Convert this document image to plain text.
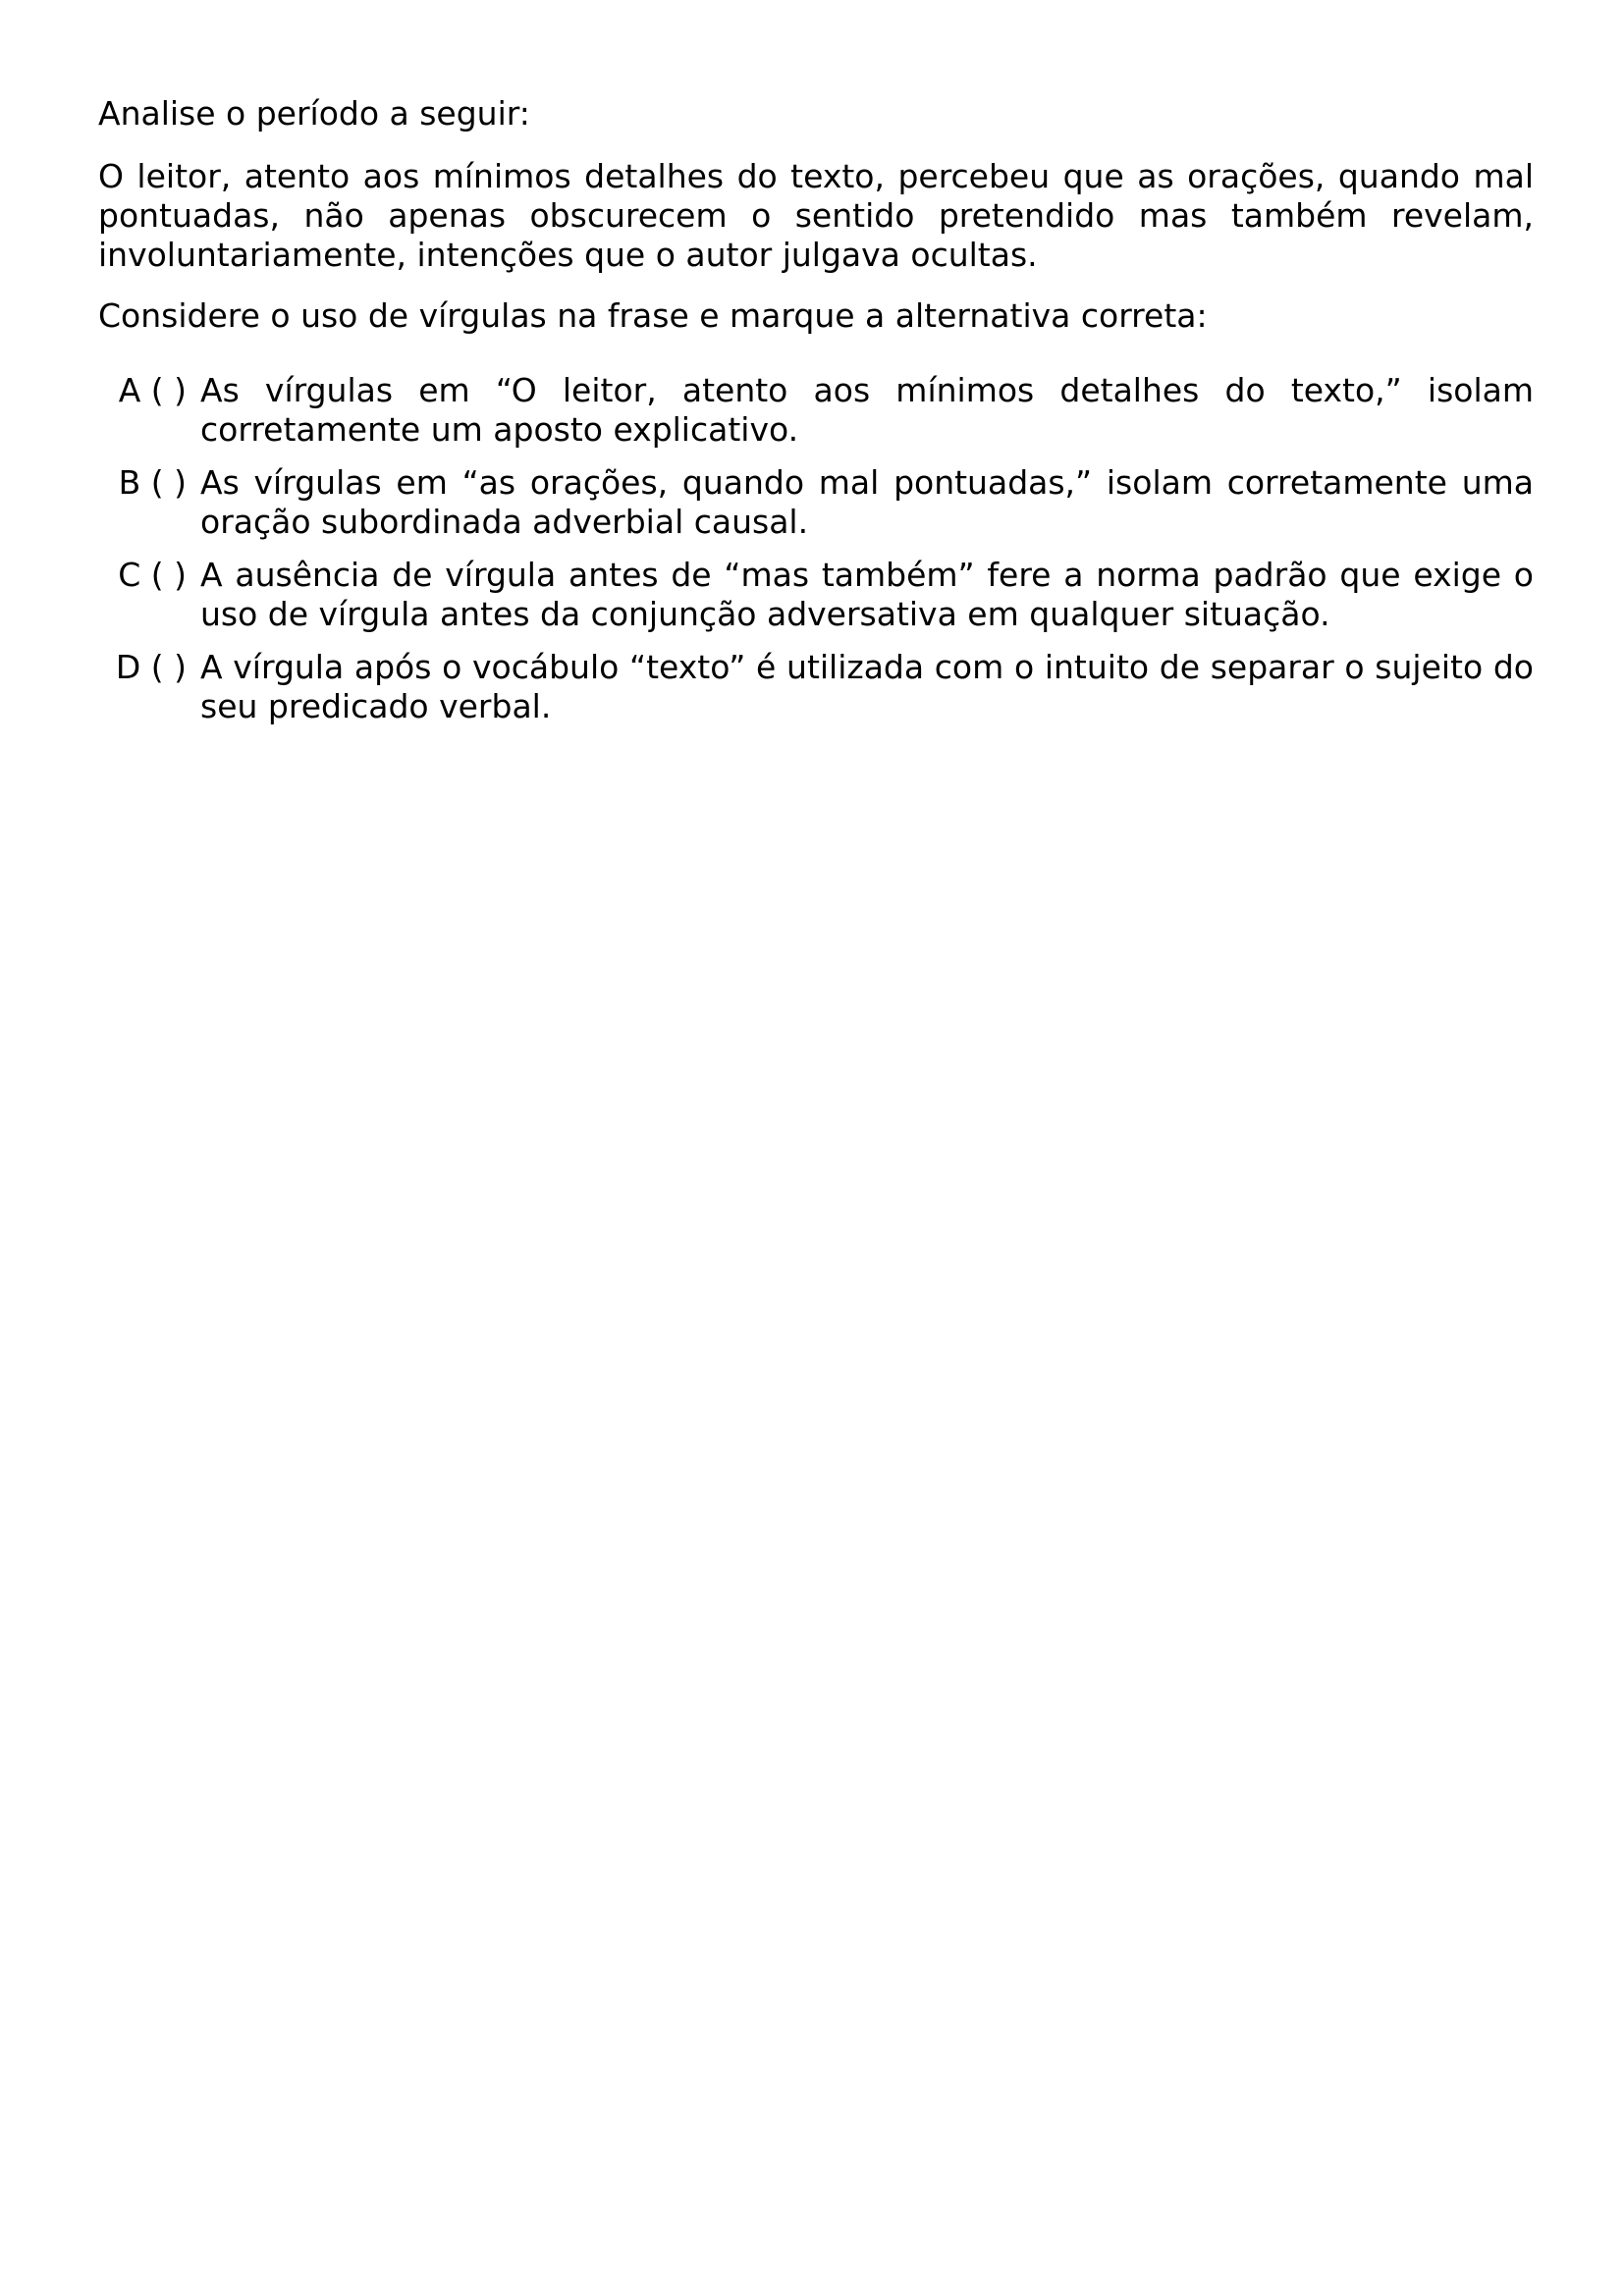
Analise o período a seguir:

O leitor, atento aos mínimos detalhes do texto, percebeu que as orações, quando mal pontuadas, não apenas obscurecem o sentido pretendido mas também revelam, involuntariamente, intenções que o autor julgava ocultas.

Considere o uso de vírgulas na frase e marque a alternativa correta:

A ( ) As vírgulas em “O leitor, atento aos mínimos detalhes do texto,” isolam corretamente um aposto explicativo.
B ( ) As vírgulas em “as orações, quando mal pontuadas,” isolam corretamente uma oração subordinada adverbial causal.
C ( ) A ausência de vírgula antes de “mas também” fere a norma padrão que exige o uso de vírgula antes da conjunção adversativa em qualquer situação.
D ( ) A vírgula após o vocábulo “texto” é utilizada com o intuito de separar o sujeito do seu predicado verbal.
